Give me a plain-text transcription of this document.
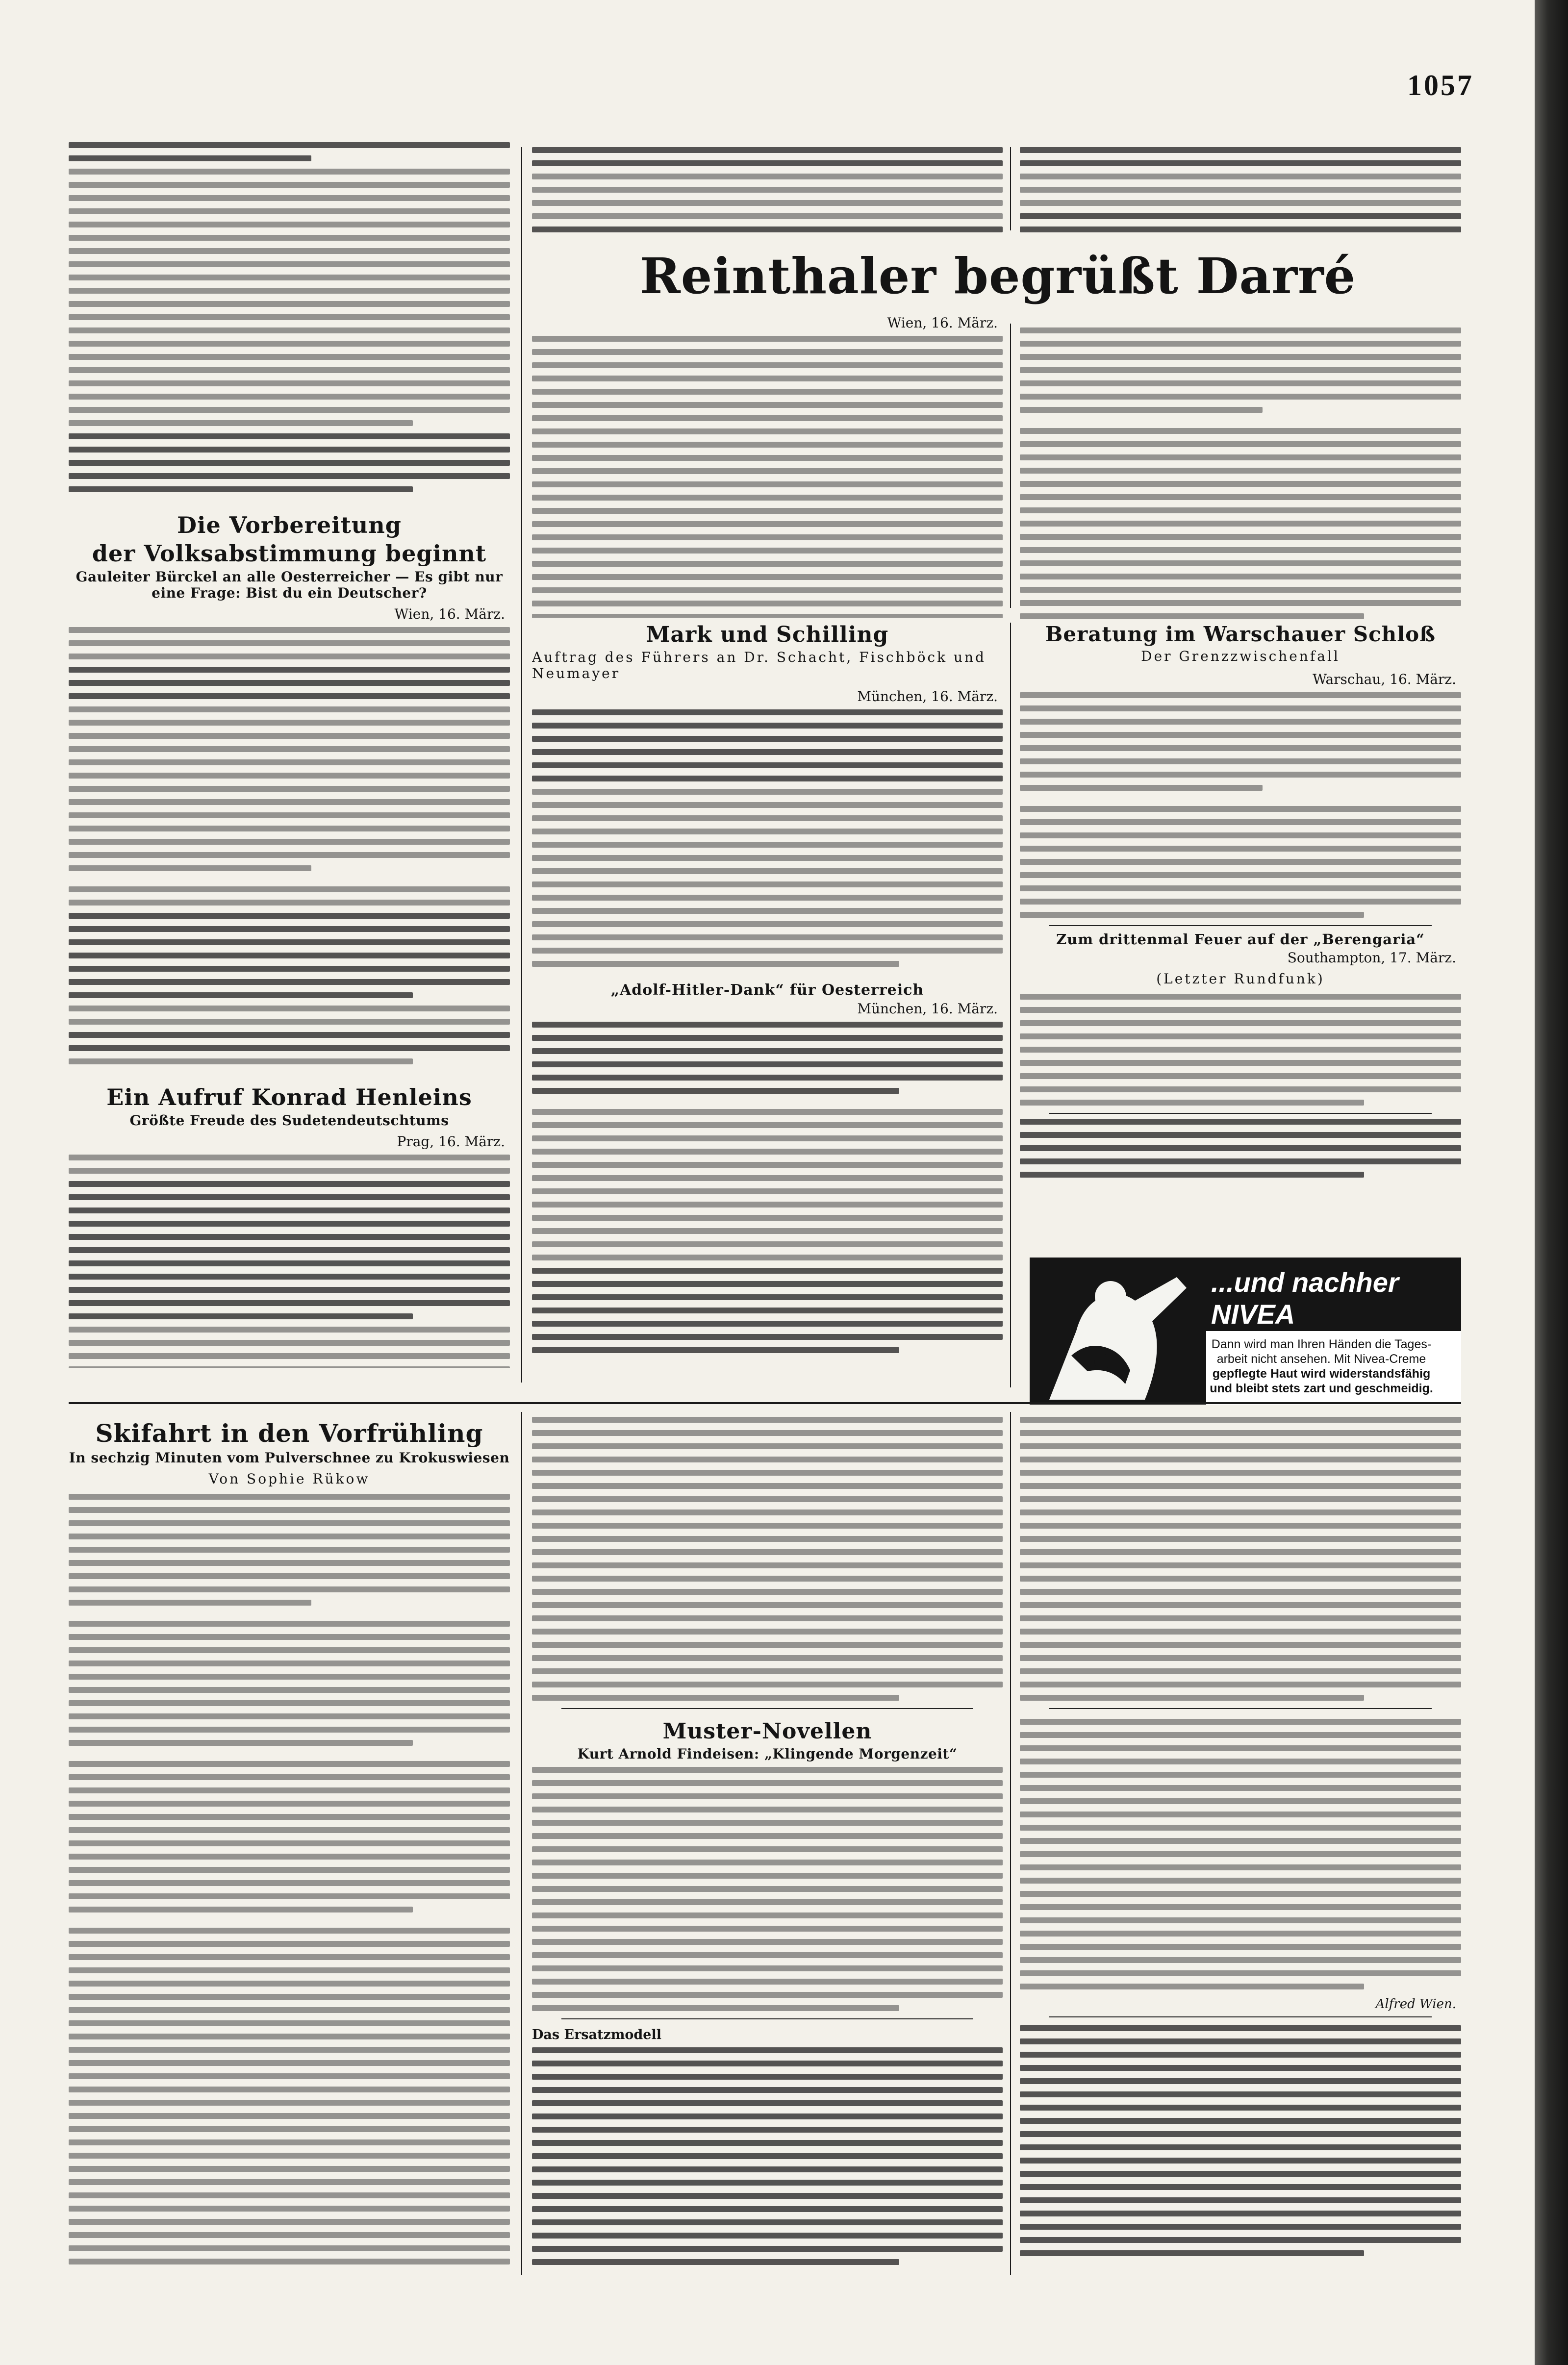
1057
Die Vorbereitung
der Volksabstimmung beginnt
Gauleiter Bürckel an alle Oesterreicher — Es gibt nur eine Frage: Bist du ein Deutscher?
Wien, 16. März.
Ein Aufruf Konrad Henleins
Größte Freude des Sudetendeutschtums
Prag, 16. März.
Reinthaler begrüßt Darré
Wien, 16. März.
Mark und Schilling
Auftrag des Führers an Dr. Schacht, Fischböck und Neumayer
München, 16. März.
„Adolf-Hitler-Dank“ für Oesterreich
München, 16. März.
Beratung im Warschauer Schloß
Der Grenzzwischenfall
Warschau, 16. März.
Zum drittenmal Feuer auf der „Berengaria“
Southampton, 17. März.
(Letzter Rundfunk)
...und nachher NIVEA
Dann wird man Ihren Händen die Tages-
arbeit nicht ansehen. Mit Nivea-Creme
gepflegte Haut wird widerstandsfähig
und bleibt stets zart und geschmeidig.
Skifahrt in den Vorfrühling
In sechzig Minuten vom Pulverschnee zu Krokuswiesen
Von Sophie Rükow
Muster-Novellen
Kurt Arnold Findeisen: „Klingende Morgenzeit“
Das Ersatzmodell
Alfred Wien.
